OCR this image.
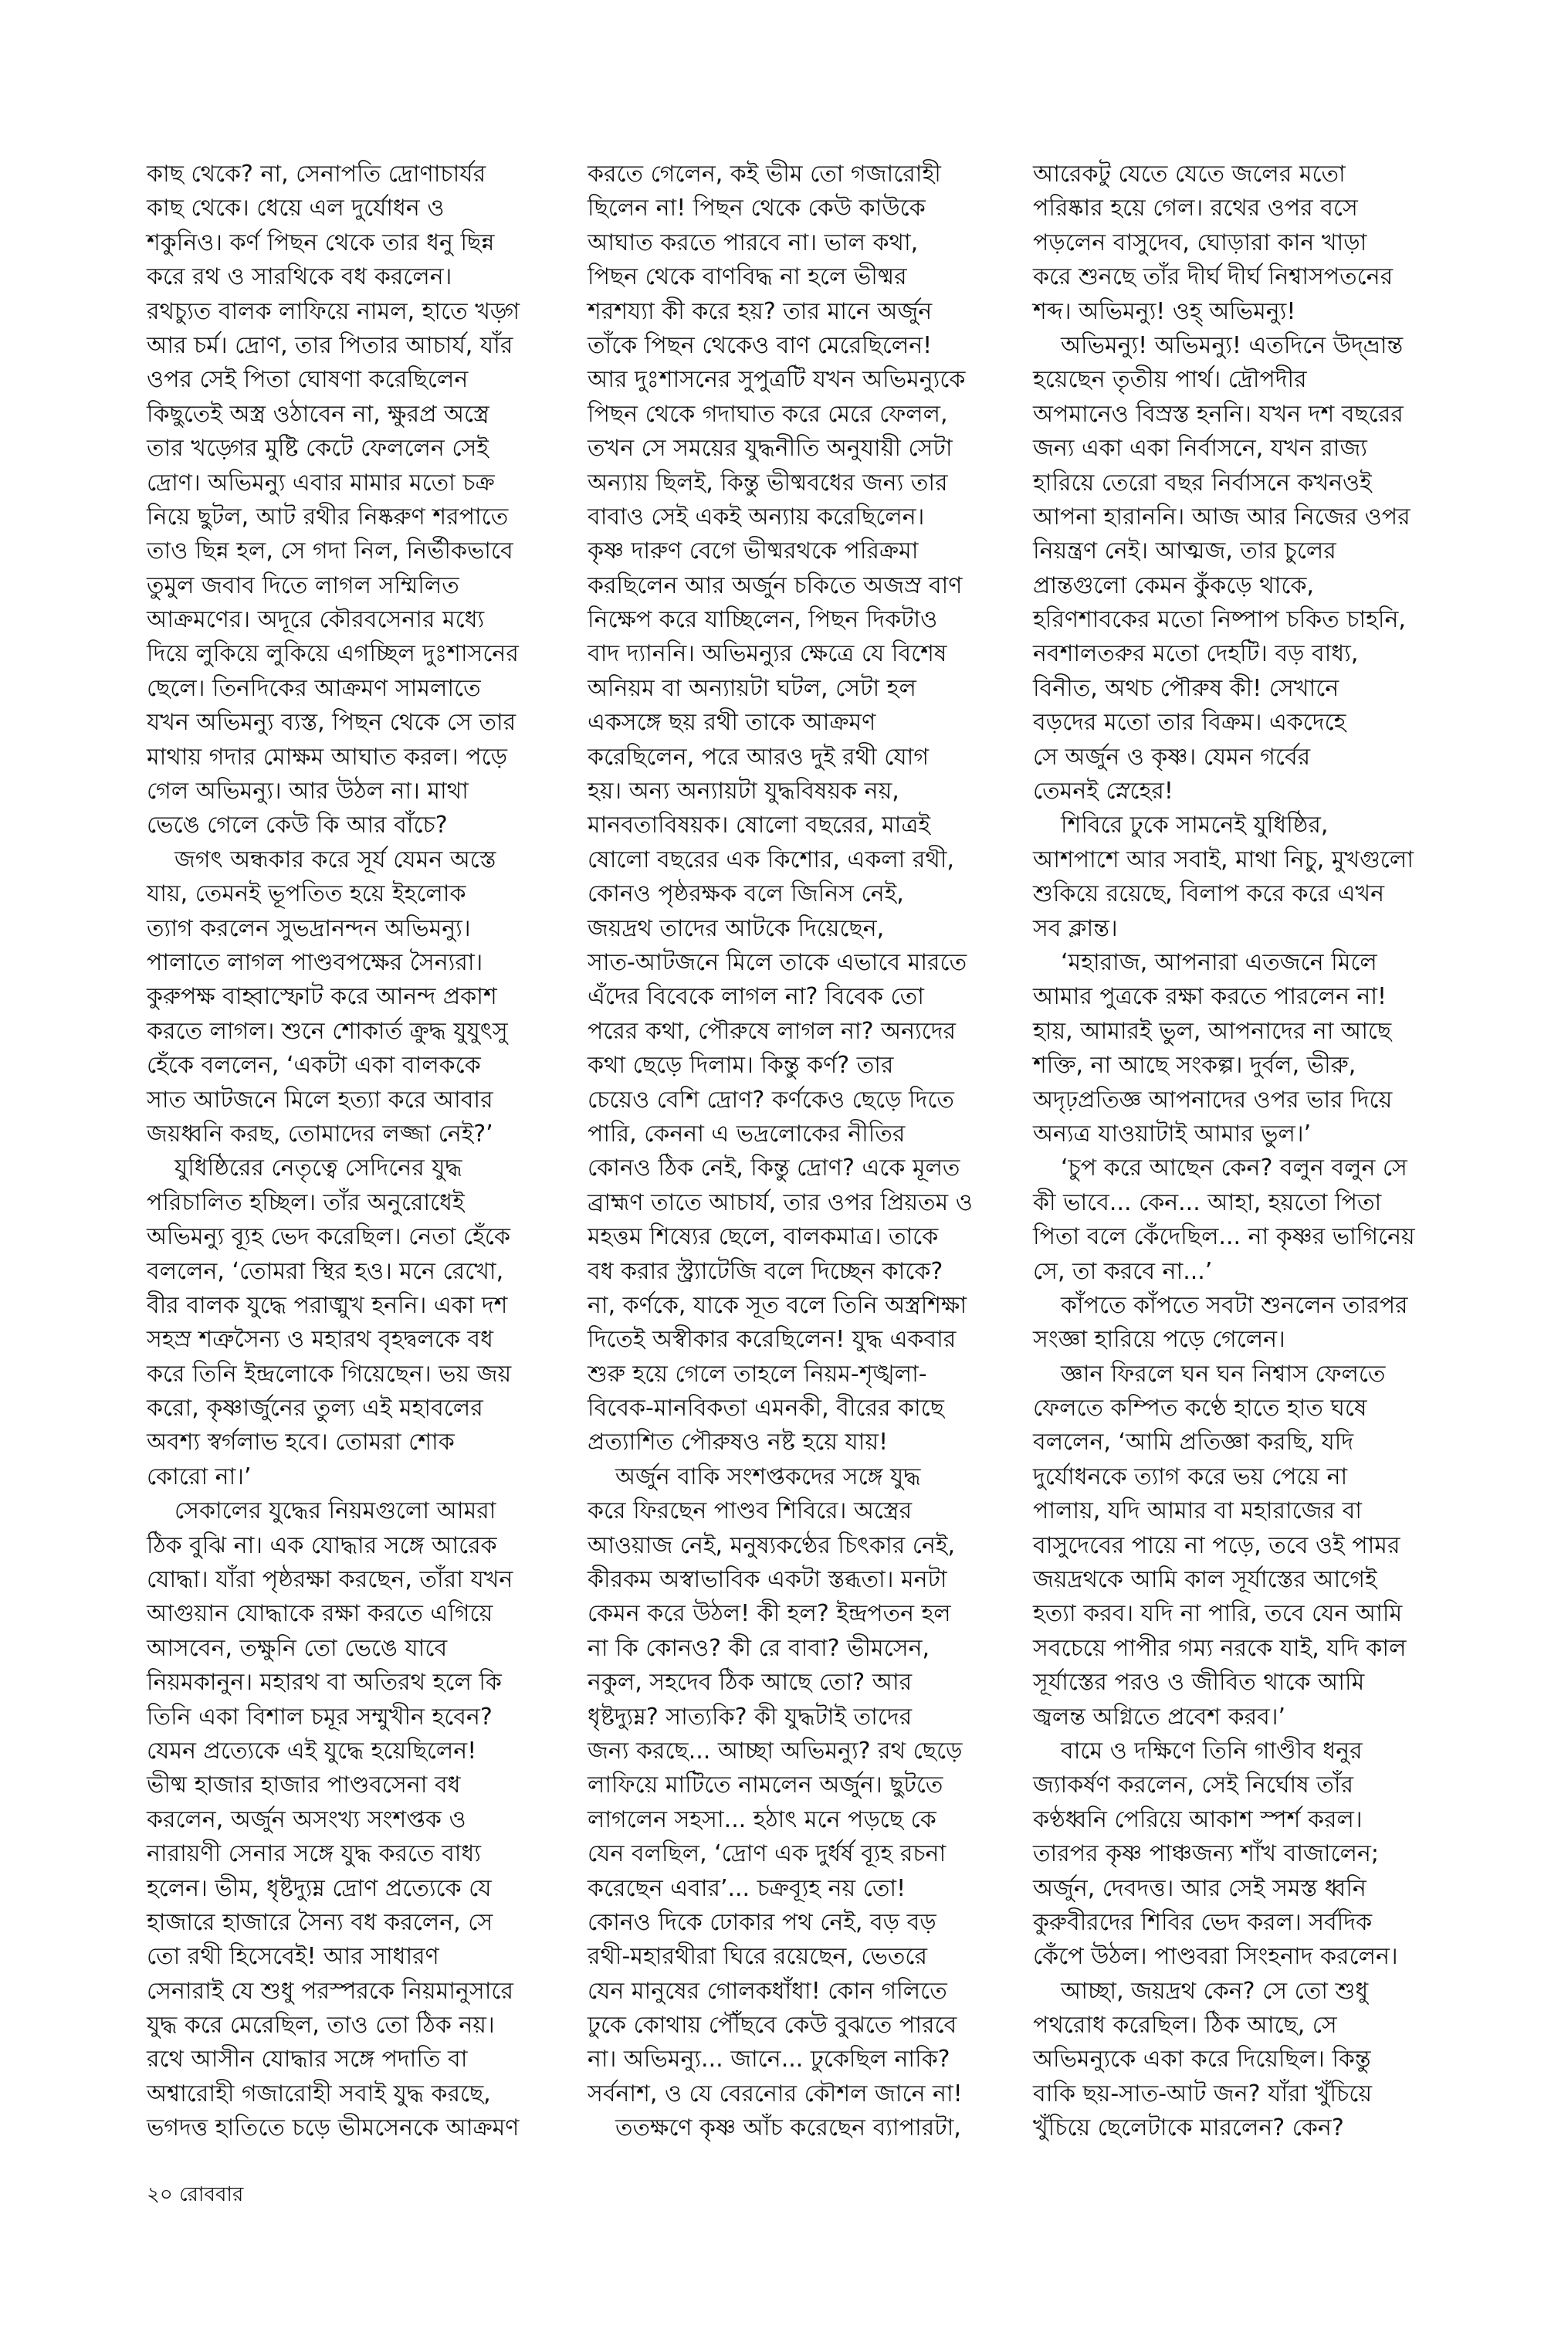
কাছ থেকে? না, সেনাপতি দ্রোণাচার্যর
কাছ থেকে। ধেয়ে এল দুর্যোধন ও
শকুনিও। কর্ণ পিছন থেকে তার ধনু ছিন্ন
করে রথ ও সারথিকে বধ করলেন।
রথচ্যুত বালক লাফিয়ে নামল, হাতে খড়্গ
আর চর্ম। দ্রোণ, তার পিতার আচার্য, যাঁর
ওপর সেই পিতা ঘোষণা করেছিলেন
কিছুতেই অস্ত্র ওঠাবেন না, ক্ষুরপ্র অস্ত্রে
তার খড়্গের মুষ্টি কেটে ফেললেন সেই
দ্রোণ। অভিমন্যু এবার মামার মতো চক্র
নিয়ে ছুটল, আট রথীর নিষ্করুণ শরপাতে
তাও ছিন্ন হল, সে গদা নিল, নির্ভীকভাবে
তুমুল জবাব দিতে লাগল সম্মিলিত
আক্রমণের। অদূরে কৌরবসেনার মধ্যে
দিয়ে লুকিয়ে লুকিয়ে এগচ্ছিল দুঃশাসনের
ছেলে। তিনদিকের আক্রমণ সামলাতে
যখন অভিমন্যু ব্যস্ত, পিছন থেকে সে তার
মাথায় গদার মোক্ষম আঘাত করল। পড়ে
গেল অভিমন্যু। আর উঠল না। মাথা
ভেঙে গেলে কেউ কি আর বাঁচে?
জগৎ অন্ধকার করে সূর্য যেমন অস্তে
যায়, তেমনই ভূপতিত হয়ে ইহলোক
ত্যাগ করলেন সুভদ্রানন্দন অভিমন্যু।
পালাতে লাগল পাণ্ডবপক্ষের সৈন্যরা।
কুরুপক্ষ বাহ্বাস্ফোট করে আনন্দ প্রকাশ
করতে লাগল। শুনে শোকার্ত ক্রুদ্ধ যুযুৎসু
হেঁকে বললেন, ‘একটা একা বালককে
সাত আটজনে মিলে হত্যা করে আবার
জয়ধ্বনি করছ, তোমাদের লজ্জা নেই?’
যুধিষ্ঠিরের নেতৃত্বে সেদিনের যুদ্ধ
পরিচালিত হচ্ছিল। তাঁর অনুরোধেই
অভিমন্যু ব্যূহ ভেদ করেছিল। নেতা হেঁকে
বললেন, ‘তোমরা স্থির হও। মনে রেখো,
বীর বালক যুদ্ধে পরাঙ্মুখ হননি। একা দশ
সহস্র শত্রুসৈন্য ও মহারথ বৃহদ্বলকে বধ
করে তিনি ইন্দ্রলোকে গিয়েছেন। ভয় জয়
করো, কৃষ্ণার্জুনের তুল্য এই মহাবলের
অবশ্য স্বর্গলাভ হবে। তোমরা শোক
কোরো না।’
সেকালের যুদ্ধের নিয়মগুলো আমরা
ঠিক বুঝি না। এক যোদ্ধার সঙ্গে আরেক
যোদ্ধা। যাঁরা পৃষ্ঠরক্ষা করছেন, তাঁরা যখন
আগুয়ান যোদ্ধাকে রক্ষা করতে এগিয়ে
আসবেন, তক্ষুনি তো ভেঙে যাবে
নিয়মকানুন। মহারথ বা অতিরথ হলে কি
তিনি একা বিশাল চমূর সম্মুখীন হবেন?
যেমন প্রত্যেকে এই যুদ্ধে হয়েছিলেন!
ভীষ্ম হাজার হাজার পাণ্ডবসেনা বধ
করলেন, অর্জুন অসংখ্য সংশপ্তক ও
নারায়ণী সেনার সঙ্গে যুদ্ধ করতে বাধ্য
হলেন। ভীম, ধৃষ্টদ্যুম্ন দ্রোণ প্রত্যেকে যে
হাজারে হাজারে সৈন্য বধ করলেন, সে
তো রথী হিসেবেই! আর সাধারণ
সেনারাই যে শুধু পরস্পরকে নিয়মানুসারে
যুদ্ধ করে মেরেছিল, তাও তো ঠিক নয়।
রথে আসীন যোদ্ধার সঙ্গে পদাতি বা
অশ্বারোহী গজারোহী সবাই যুদ্ধ করছে,
ভগদত্ত হাতিতে চড়ে ভীমসেনকে আক্রমণ
করতে গেলেন, কই ভীম তো গজারোহী
ছিলেন না! পিছন থেকে কেউ কাউকে
আঘাত করতে পারবে না। ভাল কথা,
পিছন থেকে বাণবিদ্ধ না হলে ভীষ্মর
শরশয্যা কী করে হয়? তার মানে অর্জুন
তাঁকে পিছন থেকেও বাণ মেরেছিলেন!
আর দুঃশাসনের সুপুত্রটি যখন অভিমন্যুকে
পিছন থেকে গদাঘাত করে মেরে ফেলল,
তখন সে সময়ের যুদ্ধনীতি অনুযায়ী সেটা
অন্যায় ছিলই, কিন্তু ভীষ্মবধের জন্য তার
বাবাও সেই একই অন্যায় করেছিলেন।
কৃষ্ণ দারুণ বেগে ভীষ্মরথকে পরিক্রমা
করছিলেন আর অর্জুন চকিতে অজস্র বাণ
নিক্ষেপ করে যাচ্ছিলেন, পিছন দিকটাও
বাদ দ্যাননি। অভিমন্যুর ক্ষেত্রে যে বিশেষ
অনিয়ম বা অন্যায়টা ঘটল, সেটা হল
একসঙ্গে ছয় রথী তাকে আক্রমণ
করেছিলেন, পরে আরও দুই রথী যোগ
হয়। অন্য অন্যায়টা যুদ্ধবিষয়ক নয়,
মানবতাবিষয়ক। ষোলো বছরের, মাত্রই
ষোলো বছরের এক কিশোর, একলা রথী,
কোনও পৃষ্ঠরক্ষক বলে জিনিস নেই,
জয়দ্রথ তাদের আটকে দিয়েছেন,
সাত-আটজনে মিলে তাকে এভাবে মারতে
এঁদের বিবেকে লাগল না? বিবেক তো
পরের কথা, পৌরুষে লাগল না? অন্যদের
কথা ছেড়ে দিলাম। কিন্তু কর্ণ? তার
চেয়েও বেশি দ্রোণ? কর্ণকেও ছেড়ে দিতে
পারি, কেননা এ ভদ্রলোকের নীতির
কোনও ঠিক নেই, কিন্তু দ্রোণ? একে মূলত
ব্রাহ্মণ তাতে আচার্য, তার ওপর প্রিয়তম ও
মহত্তম শিষ্যের ছেলে, বালকমাত্র। তাকে
বধ করার স্ট্র্যাটেজি বলে দিচ্ছেন কাকে?
না, কর্ণকে, যাকে সূত বলে তিনি অস্ত্রশিক্ষা
দিতেই অস্বীকার করেছিলেন! যুদ্ধ একবার
শুরু হয়ে গেলে তাহলে নিয়ম-শৃঙ্খলা-
বিবেক-মানবিকতা এমনকী, বীরের কাছে
প্রত্যাশিত পৌরুষও নষ্ট হয়ে যায়!
অর্জুন বাকি সংশপ্তকদের সঙ্গে যুদ্ধ
করে ফিরছেন পাণ্ডব শিবিরে। অস্ত্রের
আওয়াজ নেই, মনুষ্যকণ্ঠের চিৎকার নেই,
কীরকম অস্বাভাবিক একটা স্তব্ধতা। মনটা
কেমন করে উঠল! কী হল? ইন্দ্রপতন হল
না কি কোনও? কী রে বাবা? ভীমসেন,
নকুল, সহদেব ঠিক আছে তো? আর
ধৃষ্টদ্যুম্ন? সাত্যকি? কী যুদ্ধটাই তাদের
জন্য করছে... আচ্ছা অভিমন্যু? রথ ছেড়ে
লাফিয়ে মাটিতে নামলেন অর্জুন। ছুটতে
লাগলেন সহসা... হঠাৎ মনে পড়ছে কে
যেন বলছিল, ‘দ্রোণ এক দুর্ধর্ষ ব্যূহ রচনা
করেছেন এবার’... চক্রব্যূহ নয় তো!
কোনও দিকে ঢোকার পথ নেই, বড় বড়
রথী-মহারথীরা ঘিরে রয়েছেন, ভেতরে
যেন মানুষের গোলকধাঁধা! কোন গলিতে
ঢুকে কোথায় পৌঁছবে কেউ বুঝতে পারবে
না। অভিমন্যু... জানে... ঢুকেছিল নাকি?
সর্বনাশ, ও যে বেরনোর কৌশল জানে না!
ততক্ষণে কৃষ্ণ আঁচ করেছেন ব্যাপারটা,
আরেকটু যেতে যেতে জলের মতো
পরিষ্কার হয়ে গেল। রথের ওপর বসে
পড়লেন বাসুদেব, ঘোড়ারা কান খাড়া
করে শুনছে তাঁর দীর্ঘ দীর্ঘ নিশ্বাসপতনের
শব্দ। অভিমন্যু! ওহ্ অভিমন্যু!
অভিমন্যু! অভিমন্যু! এতদিনে উদ্‌ভ্রান্ত
হয়েছেন তৃতীয় পার্থ। দ্রৌপদীর
অপমানেও বিস্রস্ত হননি। যখন দশ বছরের
জন্য একা একা নির্বাসনে, যখন রাজ্য
হারিয়ে তেরো বছর নির্বাসনে কখনওই
আপনা হারাননি। আজ আর নিজের ওপর
নিয়ন্ত্রণ নেই। আত্মজ, তার চুলের
প্রান্তগুলো কেমন কুঁকড়ে থাকে,
হরিণশাবকের মতো নিষ্পাপ চকিত চাহনি,
নবশালতরুর মতো দেহটি। বড় বাধ্য,
বিনীত, অথচ পৌরুষ কী! সেখানে
বড়দের মতো তার বিক্রম। একদেহে
সে অর্জুন ও কৃষ্ণ। যেমন গর্বের
তেমনই স্নেহের!
শিবিরে ঢুকে সামনেই যুধিষ্ঠির,
আশপাশে আর সবাই, মাথা নিচু, মুখগুলো
শুকিয়ে রয়েছে, বিলাপ করে করে এখন
সব ক্লান্ত।
‘মহারাজ, আপনারা এতজনে মিলে
আমার পুত্রকে রক্ষা করতে পারলেন না!
হায়, আমারই ভুল, আপনাদের না আছে
শক্তি, না আছে সংকল্প। দুর্বল, ভীরু,
অদৃঢ়প্রতিজ্ঞ আপনাদের ওপর ভার দিয়ে
অন্যত্র যাওয়াটাই আমার ভুল।’
‘চুপ করে আছেন কেন? বলুন বলুন সে
কী ভাবে... কেন... আহা, হয়তো পিতা
পিতা বলে কেঁদেছিল... না কৃষ্ণর ভাগিনেয়
সে, তা করবে না...’
কাঁপতে কাঁপতে সবটা শুনলেন তারপর
সংজ্ঞা হারিয়ে পড়ে গেলেন।
জ্ঞান ফিরলে ঘন ঘন নিশ্বাস ফেলতে
ফেলতে কম্পিত কণ্ঠে হাতে হাত ঘষে
বললেন, ‘আমি প্রতিজ্ঞা করছি, যদি
দুর্যোধনকে ত্যাগ করে ভয় পেয়ে না
পালায়, যদি আমার বা মহারাজের বা
বাসুদেবের পায়ে না পড়ে, তবে ওই পামর
জয়দ্রথকে আমি কাল সূর্যাস্তের আগেই
হত্যা করব। যদি না পারি, তবে যেন আমি
সবচেয়ে পাপীর গম্য নরকে যাই, যদি কাল
সূর্যাস্তের পরও ও জীবিত থাকে আমি
জ্বলন্ত অগ্নিতে প্রবেশ করব।’
বামে ও দক্ষিণে তিনি গাণ্ডীব ধনুর
জ্যাকর্ষণ করলেন, সেই নির্ঘোষ তাঁর
কণ্ঠধ্বনি পেরিয়ে আকাশ স্পর্শ করল।
তারপর কৃষ্ণ পাঞ্চজন্য শাঁখ বাজালেন;
অর্জুন, দেবদত্ত। আর সেই সমস্ত ধ্বনি
কুরুবীরদের শিবির ভেদ করল। সর্বদিক
কেঁপে উঠল। পাণ্ডবরা সিংহনাদ করলেন।
আচ্ছা, জয়দ্রথ কেন? সে তো শুধু
পথরোধ করেছিল। ঠিক আছে, সে
অভিমন্যুকে একা করে দিয়েছিল। কিন্তু
বাকি ছয়-সাত-আট জন? যাঁরা খুঁচিয়ে
খুঁচিয়ে ছেলেটাকে মারলেন? কেন?
২০ রোববার
